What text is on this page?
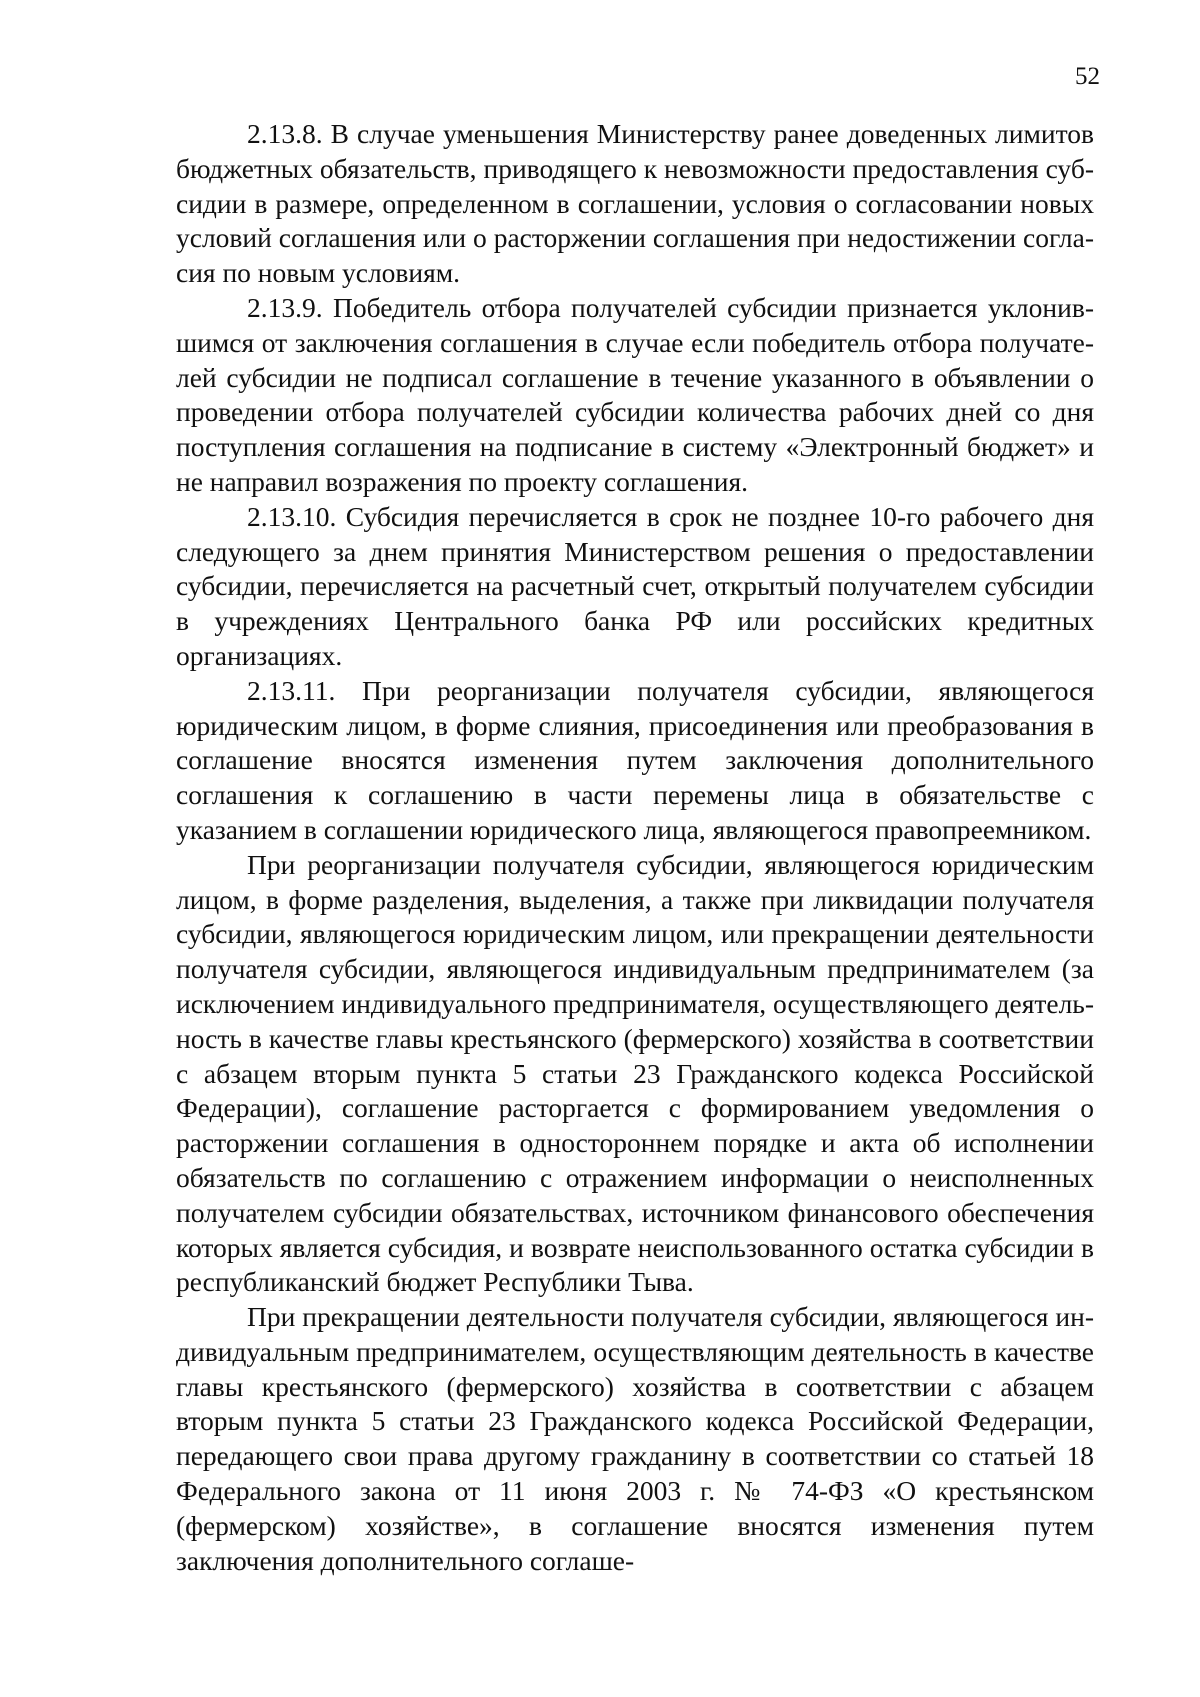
52

2.13.8. В случае уменьшения Министерству ранее доведенных лимитов бюджетных обязательств, приводящего к невозможности предоставления субсидии в размере, определенном в соглашении, условия о согласовании новых условий соглашения или о расторжении соглашения при недостижении согласия по новым условиям.

2.13.9. Победитель отбора получателей субсидии признается уклонившимся от заключения соглашения в случае если победитель отбора получателей субсидии не подписал соглашение в течение указанного в объявлении о проведении отбора получателей субсидии количества рабочих дней со дня поступления соглашения на подписание в систему «Электронный бюджет» и не направил возражения по проекту соглашения.

2.13.10. Субсидия перечисляется в срок не позднее 10-го рабочего дня следующего за днем принятия Министерством решения о предоставлении субсидии, перечисляется на расчетный счет, открытый получателем субсидии в учреждениях Центрального банка РФ или российских кредитных организациях.

2.13.11. При реорганизации получателя субсидии, являющегося юридическим лицом, в форме слияния, присоединения или преобразования в соглашение вносятся изменения путем заключения дополнительного соглашения к соглашению в части перемены лица в обязательстве с указанием в соглашении юридического лица, являющегося правопреемником.

При реорганизации получателя субсидии, являющегося юридическим лицом, в форме разделения, выделения, а также при ликвидации получателя субсидии, являющегося юридическим лицом, или прекращении деятельности получателя субсидии, являющегося индивидуальным предпринимателем (за исключением индивидуального предпринимателя, осуществляющего деятельность в качестве главы крестьянского (фермерского) хозяйства в соответствии с абзацем вторым пункта 5 статьи 23 Гражданского кодекса Российской Федерации), соглашение расторгается с формированием уведомления о расторжении соглашения в одностороннем порядке и акта об исполнении обязательств по соглашению с отражением информации о неисполненных получателем субсидии обязательствах, источником финансового обеспечения которых является субсидия, и возврате неиспользованного остатка субсидии в республиканский бюджет Республики Тыва.

При прекращении деятельности получателя субсидии, являющегося индивидуальным предпринимателем, осуществляющим деятельность в качестве главы крестьянского (фермерского) хозяйства в соответствии с абзацем вторым пункта 5 статьи 23 Гражданского кодекса Российской Федерации, передающего свои права другому гражданину в соответствии со статьей 18 Федерального закона от 11 июня 2003 г. № 74-ФЗ «О крестьянском (фермерском) хозяйстве», в соглашение вносятся изменения путем заключения дополнительного соглаше-
